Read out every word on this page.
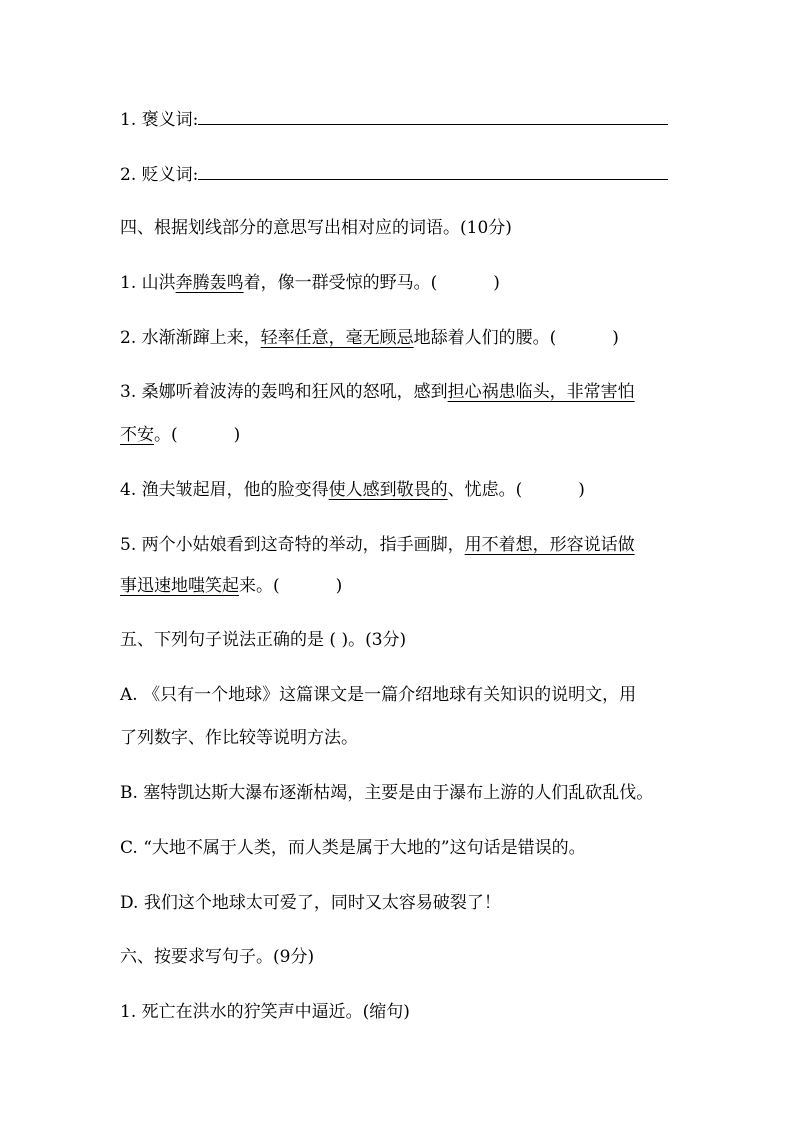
1. 褒义词:
2. 贬义词:
四、根据划线部分的意思写出相对应的词语。(10分)
1. 山洪奔腾轰鸣着，像一群受惊的野马。(	)
2. 水渐渐蹿上来，轻率任意，毫无顾忌地舔着人们的腰。(	)
3. 桑娜听着波涛的轰鸣和狂风的怒吼，感到担心祸患临头，非常害怕
不安。(	)
4. 渔夫皱起眉，他的脸变得使人感到敬畏的、忧虑。(	)
5. 两个小姑娘看到这奇特的举动，指手画脚，用不着想，形容说话做
事迅速地嗤笑起来。(	)
五、下列句子说法正确的是 ( )。(3分)
A. 《只有一个地球》这篇课文是一篇介绍地球有关知识的说明文，用
了列数字、作比较等说明方法。
B. 塞特凯达斯大瀑布逐渐枯竭，主要是由于瀑布上游的人们乱砍乱伐。
C. “大地不属于人类，而人类是属于大地的”这句话是错误的。
D. 我们这个地球太可爱了，同时又太容易破裂了！
六、按要求写句子。(9分)
1. 死亡在洪水的狞笑声中逼近。(缩句)
